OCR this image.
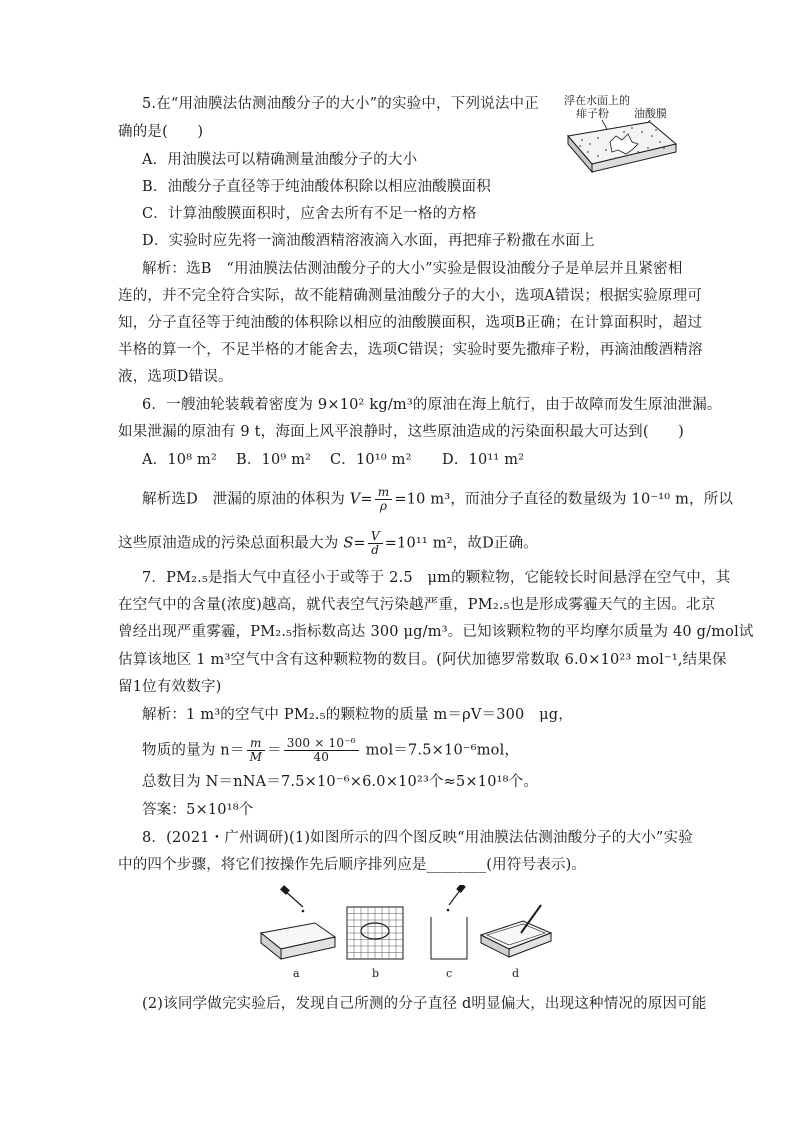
5.在“用油膜法估测油酸分子的大小”的实验中，下列说法中正
确的是(　　)
浮在水面上的
痱子粉 油酸膜
A．用油膜法可以精确测量油酸分子的大小
B．油酸分子直径等于纯油酸体积除以相应油酸膜面积
C．计算油酸膜面积时，应舍去所有不足一格的方格
D．实验时应先将一滴油酸酒精溶液滴入水面，再把痱子粉撒在水面上
解析：选B　“用油膜法估测油酸分子的大小”实验是假设油酸分子是单层并且紧密相
连的，并不完全符合实际，故不能精确测量油酸分子的大小，选项A错误；根据实验原理可
知，分子直径等于纯油酸的体积除以相应的油酸膜面积，选项B正确；在计算面积时，超过
半格的算一个，不足半格的才能舍去，选项C错误；实验时要先撒痱子粉，再滴油酸酒精溶
液，选项D错误。
6．一艘油轮装载着密度为 9×10² kg/m³的原油在海上航行，由于故障而发生原油泄漏。
如果泄漏的原油有 9 t，海面上风平浪静时，这些原油造成的污染面积最大可达到(　　)
A．10⁸ m² B．10⁹ m² C．10¹⁰ m² D．10¹¹ m²
解析选D　泄漏的原油的体积为 $V= \frac{m}{\rho} =10$ m³，而油分子直径的数量级为 10⁻¹⁰ m，所以
这些原油造成的污染总面积最大为 $S= \frac{V}{d} =10^{11}$ m²，故D正确。
7．PM₂.₅是指大气中直径小于或等于 2.5　μm的颗粒物，它能较长时间悬浮在空气中，其
在空气中的含量(浓度)越高，就代表空气污染越严重，PM₂.₅也是形成雾霾天气的主因。北京
曾经出现严重雾霾，PM₂.₅指标数高达 300 μg/m³。已知该颗粒物的平均摩尔质量为 40 g/mol试
估算该地区 1 m³空气中含有这种颗粒物的数目。(阿伏加德罗常数取 6.0×10²³ mol⁻¹,结果保
留1位有效数字)
解析：1 m³的空气中 PM₂.₅的颗粒物的质量 m＝ρV＝300　μg，
物质的量为 $n= \frac{m}{M} = \frac{\text{300 × 10⁻⁶}}{40} mol=7.5\times 10^{-6}mol$，
总数目为 N＝nNA＝7.5×10⁻⁶×6.0×10²³个≈5×10¹⁸个。
答案：5×10¹⁸个
8．(2021・广州调研)(1)如图所示的四个图反映“用油膜法估测油酸分子的大小”实验
中的四个步骤，将它们按操作先后顺序排列应是________(用符号表示)。
a	b	c	d
(2)该同学做完实验后，发现自己所测的分子直径 d明显偏大，出现这种情况的原因可能
